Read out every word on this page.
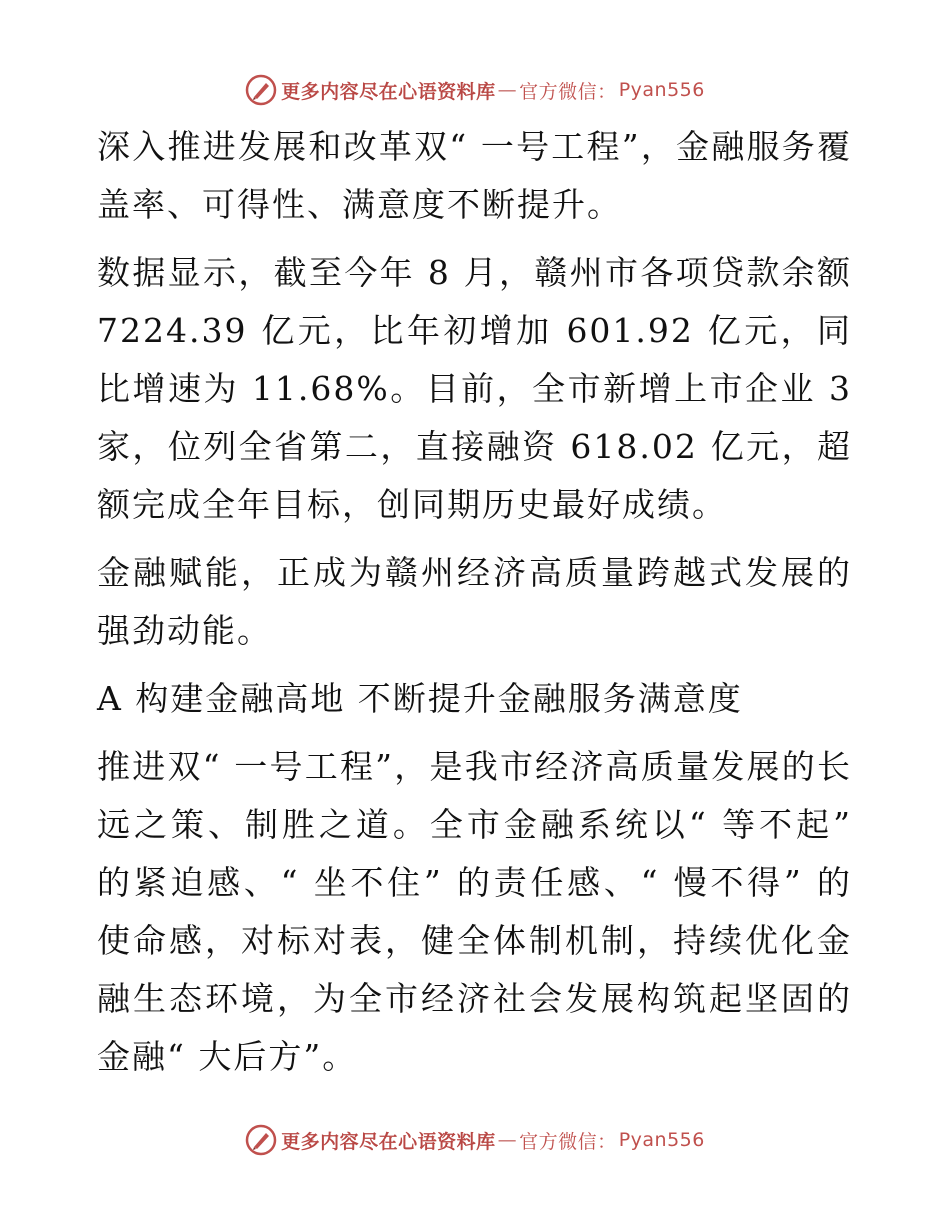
更多内容尽在心语资料库 — 官方微信： Pyan556

深入推进发展和改革双“ 一号工程”，金融服务覆盖率、可得性、满意度不断提升。

数据显示，截至今年 8 月，赣州市各项贷款余额 7224.39 亿元，比年初增加 601.92 亿元，同比增速为 11.68%。目前，全市新增上市企业 3 家，位列全省第二，直接融资 618.02 亿元，超额完成全年目标，创同期历史最好成绩。

金融赋能，正成为赣州经济高质量跨越式发展的强劲动能。

A 构建金融高地 不断提升金融服务满意度

推进双“ 一号工程”，是我市经济高质量发展的长远之策、制胜之道。全市金融系统以“ 等不起” 的紧迫感、“ 坐不住” 的责任感、“ 慢不得” 的使命感，对标对表，健全体制机制，持续优化金融生态环境，为全市经济社会发展构筑起坚固的金融“ 大后方”。

更多内容尽在心语资料库 — 官方微信： Pyan556
